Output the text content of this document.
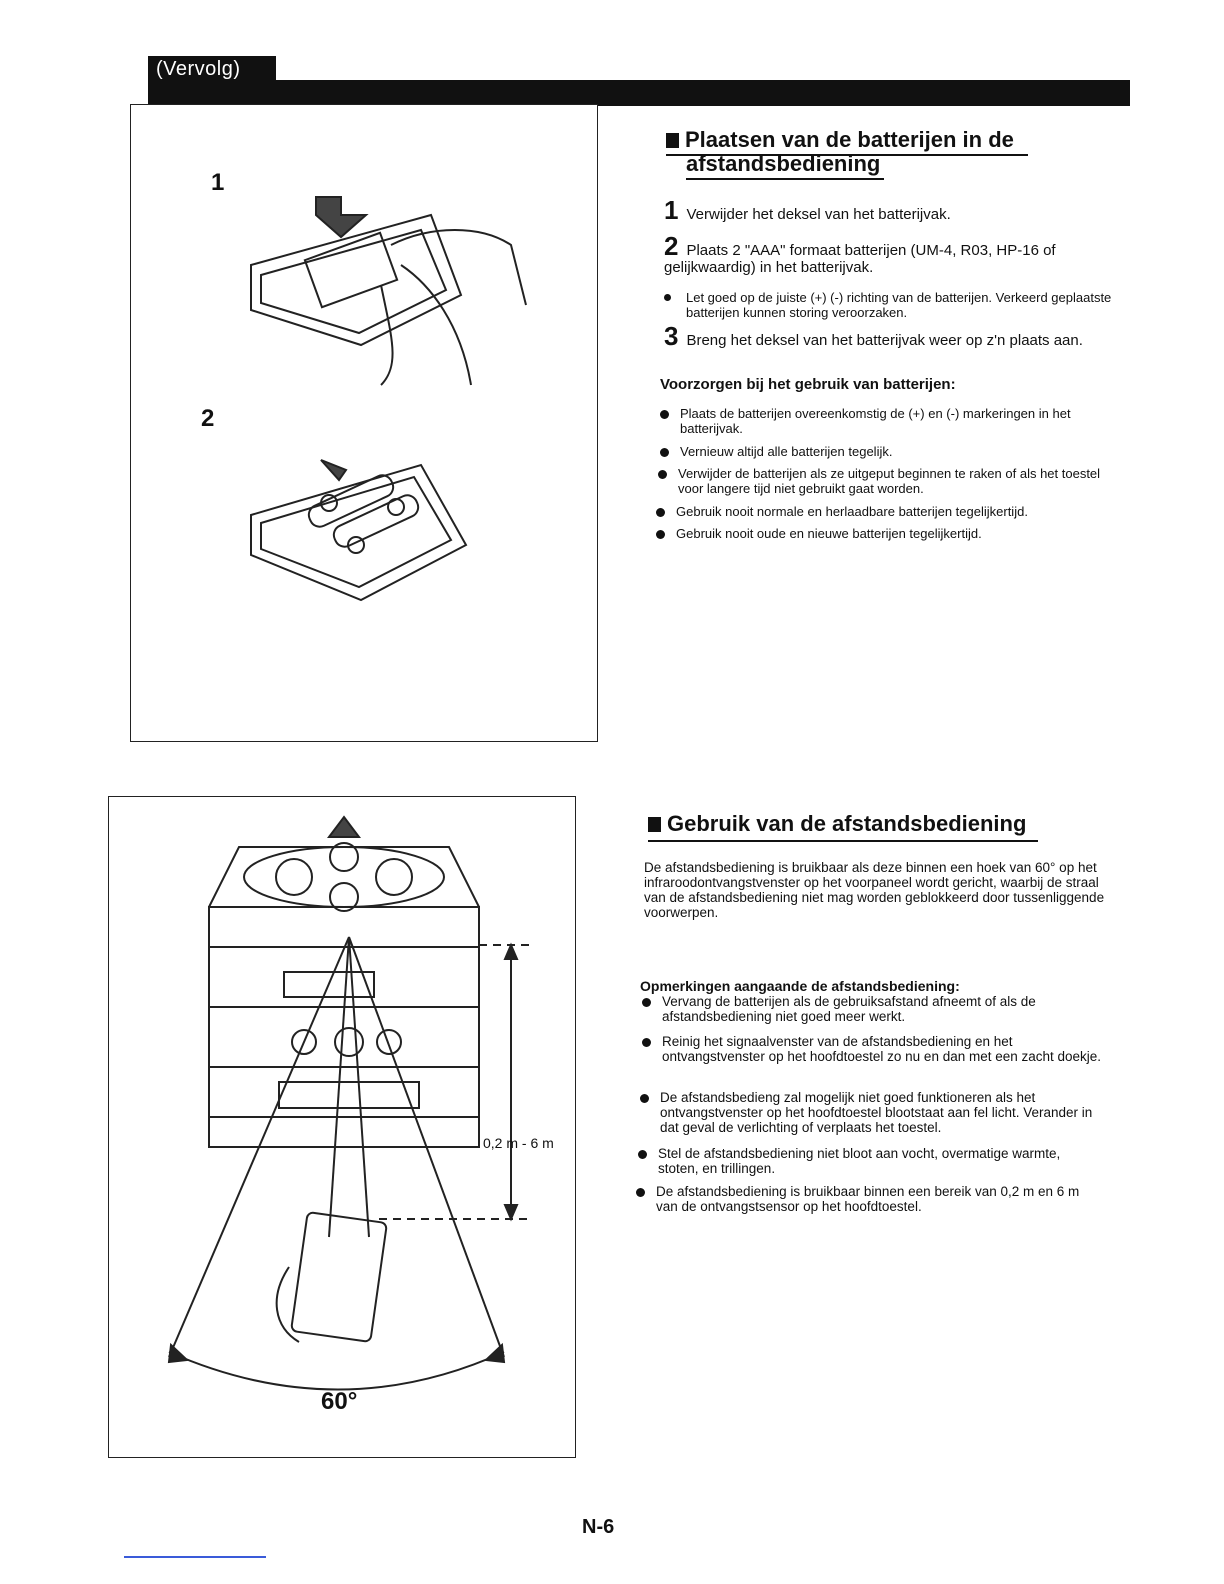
(Vervolg)
1
2
Plaatsen van de batterijen in de
afstandsbediening
1 Verwijder het deksel van het batterijvak.
2 Plaats 2 "AAA" formaat batterijen (UM-4, R03, HP-16 of gelijkwaardig) in het batterijvak.
Let goed op de juiste (+) (-) richting van de batterijen. Verkeerd geplaatste batterijen kunnen storing veroorzaken.
3 Breng het deksel van het batterijvak weer op z'n plaats aan.
Voorzorgen bij het gebruik van batterijen:
Plaats de batterijen overeenkomstig de (+) en (-) markeringen in het batterijvak.
Vernieuw altijd alle batterijen tegelijk.
Verwijder de batterijen als ze uitgeput beginnen te raken of als het toestel voor langere tijd niet gebruikt gaat worden.
Gebruik nooit normale en herlaadbare batterijen tegelijkertijd.
Gebruik nooit oude en nieuwe batterijen tegelijkertijd.
0,2 m - 6 m
60°
Gebruik van de afstandsbediening
De afstandsbediening is bruikbaar als deze binnen een hoek van 60° op het infraroodontvangstvenster op het voorpaneel wordt gericht, waarbij de straal van de afstandsbediening niet mag worden geblokkeerd door tussenliggende voorwerpen.
Opmerkingen aangaande de afstandsbediening:
Vervang de batterijen als de gebruiksafstand afneemt of als de afstandsbediening niet goed meer werkt.
Reinig het signaalvenster van de afstandsbediening en het ontvangstvenster op het hoofdtoestel zo nu en dan met een zacht doekje.
De afstandsbedieng zal mogelijk niet goed funktioneren als het ontvangstvenster op het hoofdtoestel blootstaat aan fel licht. Verander in dat geval de verlichting of verplaats het toestel.
Stel de afstandsbediening niet bloot aan vocht, overmatige warmte, stoten, en trillingen.
De afstandsbediening is bruikbaar binnen een bereik van 0,2 m en 6 m van de ontvangstsensor op het hoofdtoestel.
N-6
